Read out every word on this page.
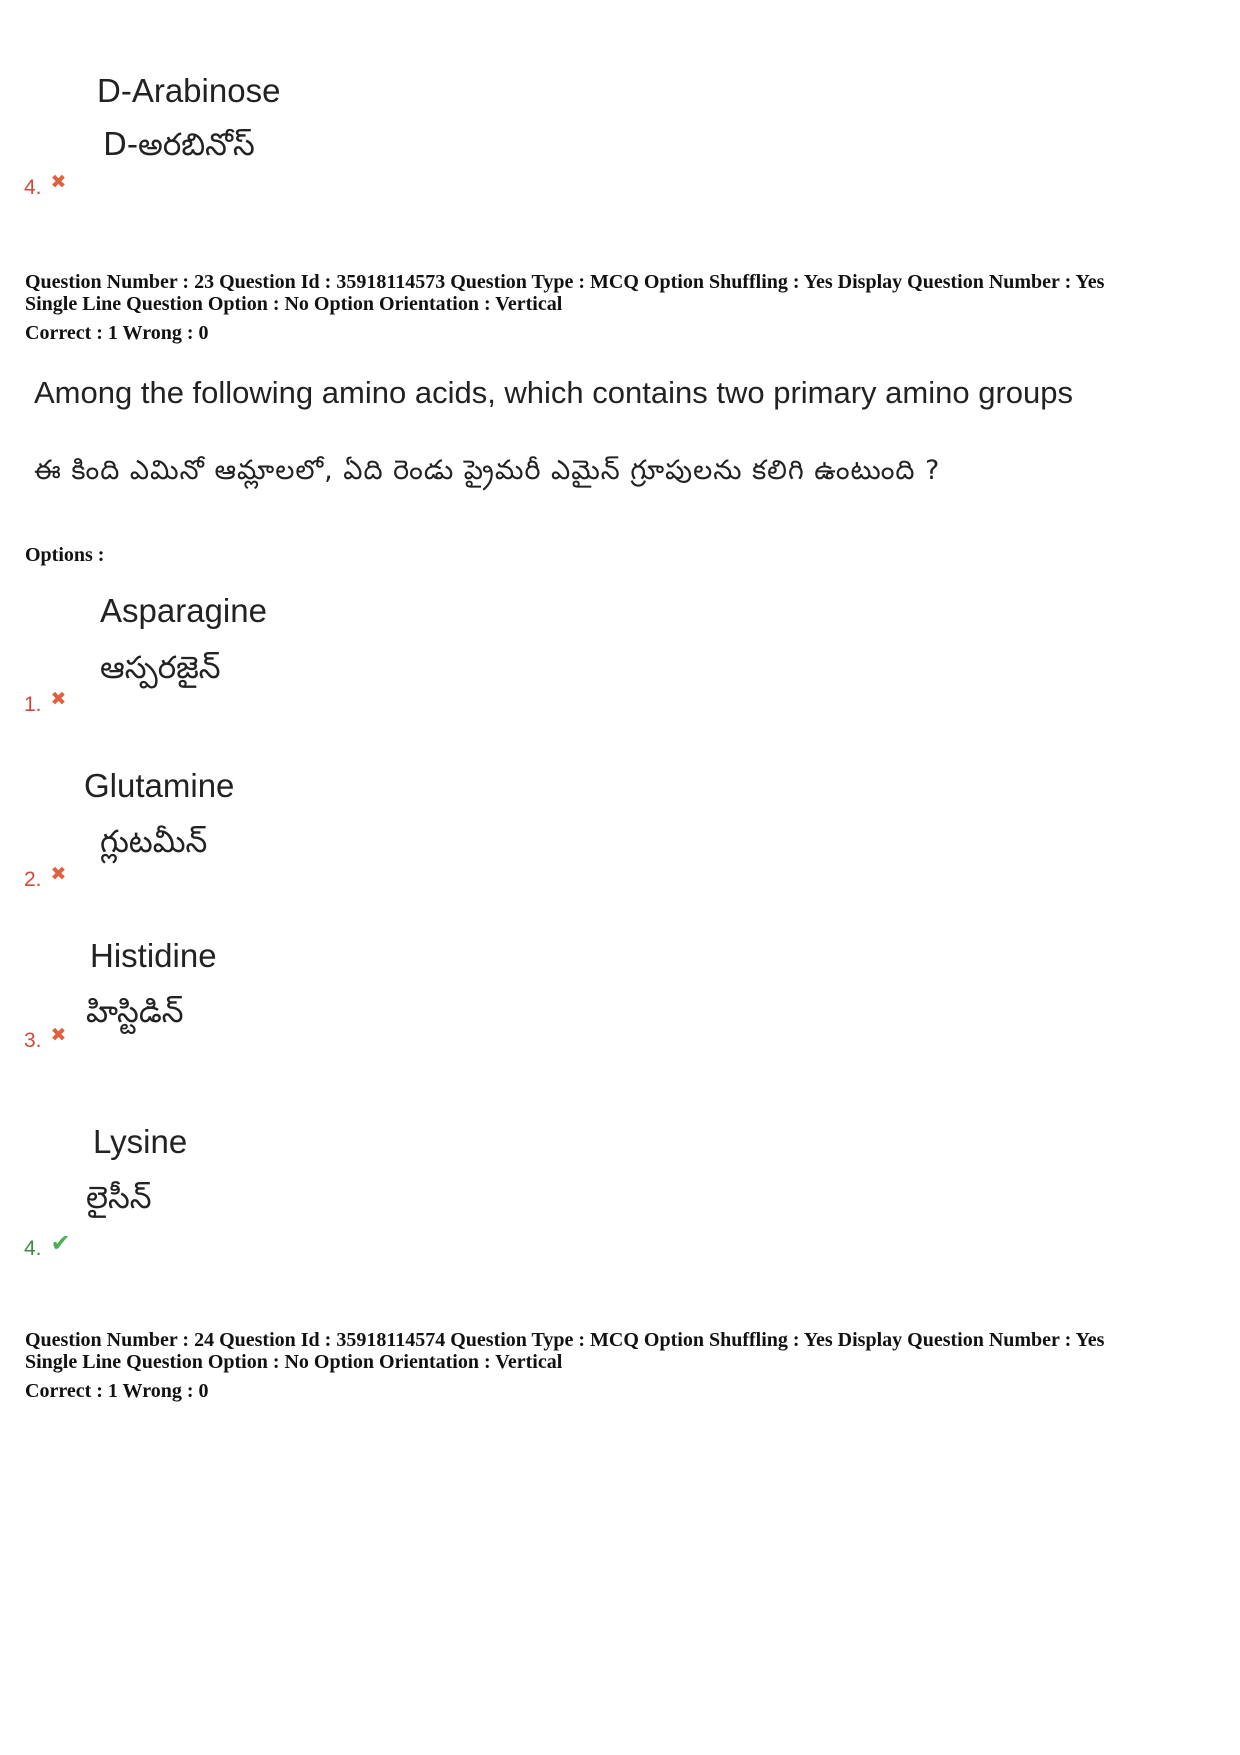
D-Arabinose
D-అరబినోస్
4. ✖
Question Number : 23 Question Id : 35918114573 Question Type : MCQ Option Shuffling : Yes Display Question Number : Yes
Single Line Question Option : No Option Orientation : Vertical
Correct : 1 Wrong : 0
Among the following amino acids, which contains two primary amino groups
ఈ కింది ఎమినో ఆమ్లాలలో, ఏది రెండు ప్రైమరీ ఎమైన్ గ్రూపులను కలిగి ఉంటుంది ?
Options :
Asparagine
ఆస్పరజైన్
1. ✖
Glutamine
గ్లుటమీన్
2. ✖
Histidine
హిస్టిడిన్
3. ✖
Lysine
లైసీన్
4. ✔
Question Number : 24 Question Id : 35918114574 Question Type : MCQ Option Shuffling : Yes Display Question Number : Yes
Single Line Question Option : No Option Orientation : Vertical
Correct : 1 Wrong : 0
